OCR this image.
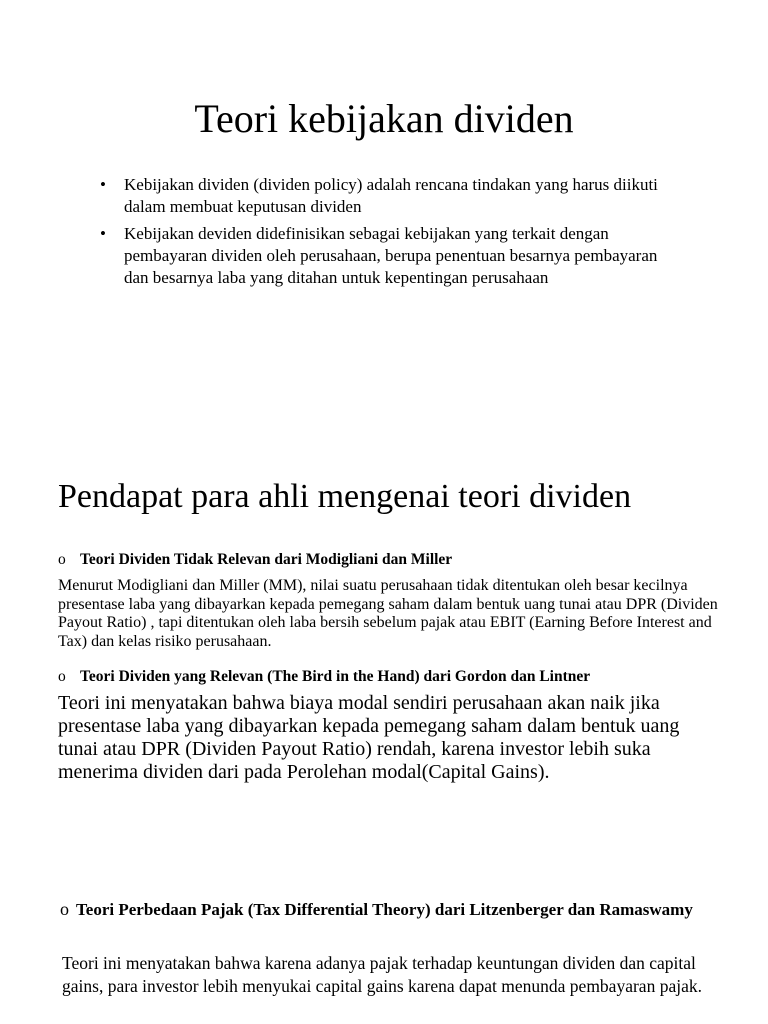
Teori kebijakan dividen
• Kebijakan dividen (dividen policy) adalah rencana tindakan yang harus diikuti dalam membuat keputusan dividen
• Kebijakan deviden didefinisikan sebagai kebijakan yang terkait dengan pembayaran dividen oleh perusahaan, berupa penentuan besarnya pembayaran dan besarnya laba yang ditahan untuk kepentingan perusahaan
Pendapat para ahli mengenai teori dividen
o Teori Dividen Tidak Relevan dari Modigliani dan Miller

Menurut Modigliani dan Miller (MM), nilai suatu perusahaan tidak ditentukan oleh besar kecilnya presentase laba yang dibayarkan kepada pemegang saham dalam bentuk uang tunai atau DPR (Dividen Payout Ratio) , tapi ditentukan oleh laba bersih sebelum pajak atau EBIT (Earning Before Interest and Tax) dan kelas risiko perusahaan.

o Teori Dividen yang Relevan (The Bird in the Hand) dari Gordon dan Lintner

Teori ini menyatakan bahwa biaya modal sendiri perusahaan akan naik jika presentase laba yang dibayarkan kepada pemegang saham dalam bentuk uang tunai atau DPR (Dividen Payout Ratio) rendah, karena investor lebih suka menerima dividen dari pada Perolehan modal(Capital Gains).

o Teori Perbedaan Pajak (Tax Differential Theory) dari Litzenberger dan Ramaswamy

Teori ini menyatakan bahwa karena adanya pajak terhadap keuntungan dividen dan capital gains, para investor lebih menyukai capital gains karena dapat menunda pembayaran pajak.
